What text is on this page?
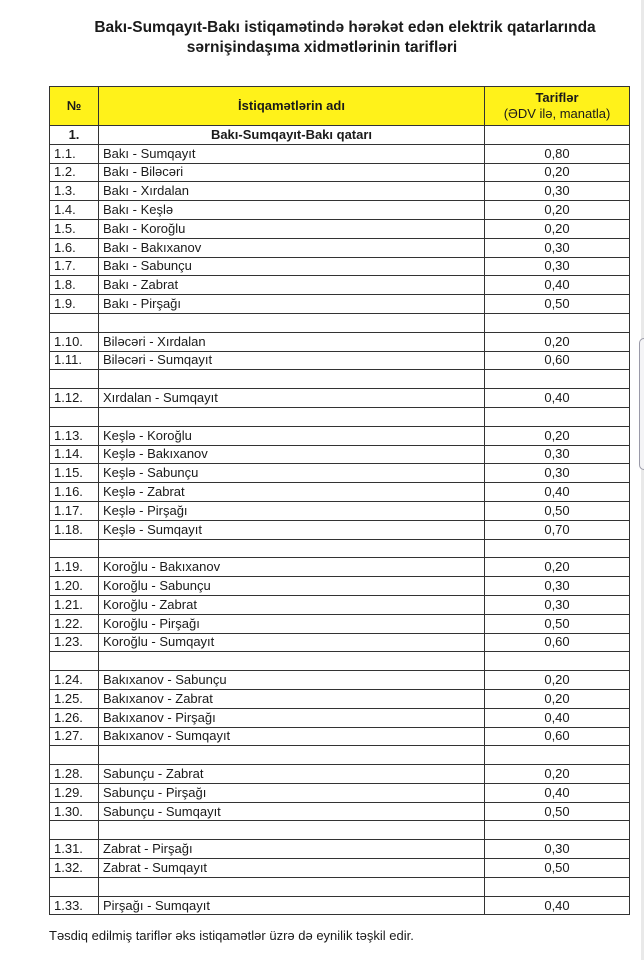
Bakı-Sumqayıt-Bakı istiqamətində hərəkət edən elektrik qatarlarında
sərnişindaşıma xidmətlərinin tarifləri
№	İstiqamətlərin adı	Tariflər
(ƏDV ilə, manatla)

1.	Bakı-Sumqayıt-Bakı qatarı	
1.1.	Bakı - Sumqayıt	0,80
1.2.	Bakı - Biləcəri	0,20
1.3.	Bakı - Xırdalan	0,30
1.4.	Bakı - Keşlə	0,20
1.5.	Bakı - Koroğlu	0,20
1.6.	Bakı - Bakıxanov	0,30
1.7.	Bakı - Sabunçu	0,30
1.8.	Bakı - Zabrat	0,40
1.9.	Bakı - Pirşağı	0,50

1.10.	Biləcəri - Xırdalan	0,20
1.11.	Biləcəri - Sumqayıt	0,60

1.12.	Xırdalan - Sumqayıt	0,40

1.13.	Keşlə - Koroğlu	0,20
1.14.	Keşlə - Bakıxanov	0,30
1.15.	Keşlə - Sabunçu	0,30
1.16.	Keşlə - Zabrat	0,40
1.17.	Keşlə - Pirşağı	0,50
1.18.	Keşlə - Sumqayıt	0,70

1.19.	Koroğlu - Bakıxanov	0,20
1.20.	Koroğlu - Sabunçu	0,30
1.21.	Koroğlu - Zabrat	0,30
1.22.	Koroğlu - Pirşağı	0,50
1.23.	Koroğlu - Sumqayıt	0,60

1.24.	Bakıxanov - Sabunçu	0,20
1.25.	Bakıxanov - Zabrat	0,20
1.26.	Bakıxanov - Pirşağı	0,40
1.27.	Bakıxanov - Sumqayıt	0,60

1.28.	Sabunçu - Zabrat	0,20
1.29.	Sabunçu - Pirşağı	0,40
1.30.	Sabunçu - Sumqayıt	0,50

1.31.	Zabrat - Pirşağı	0,30
1.32.	Zabrat - Sumqayıt	0,50

1.33.	Pirşağı - Sumqayıt	0,40
Təsdiq edilmiş tariflər əks istiqamətlər üzrə də eynilik təşkil edir.
